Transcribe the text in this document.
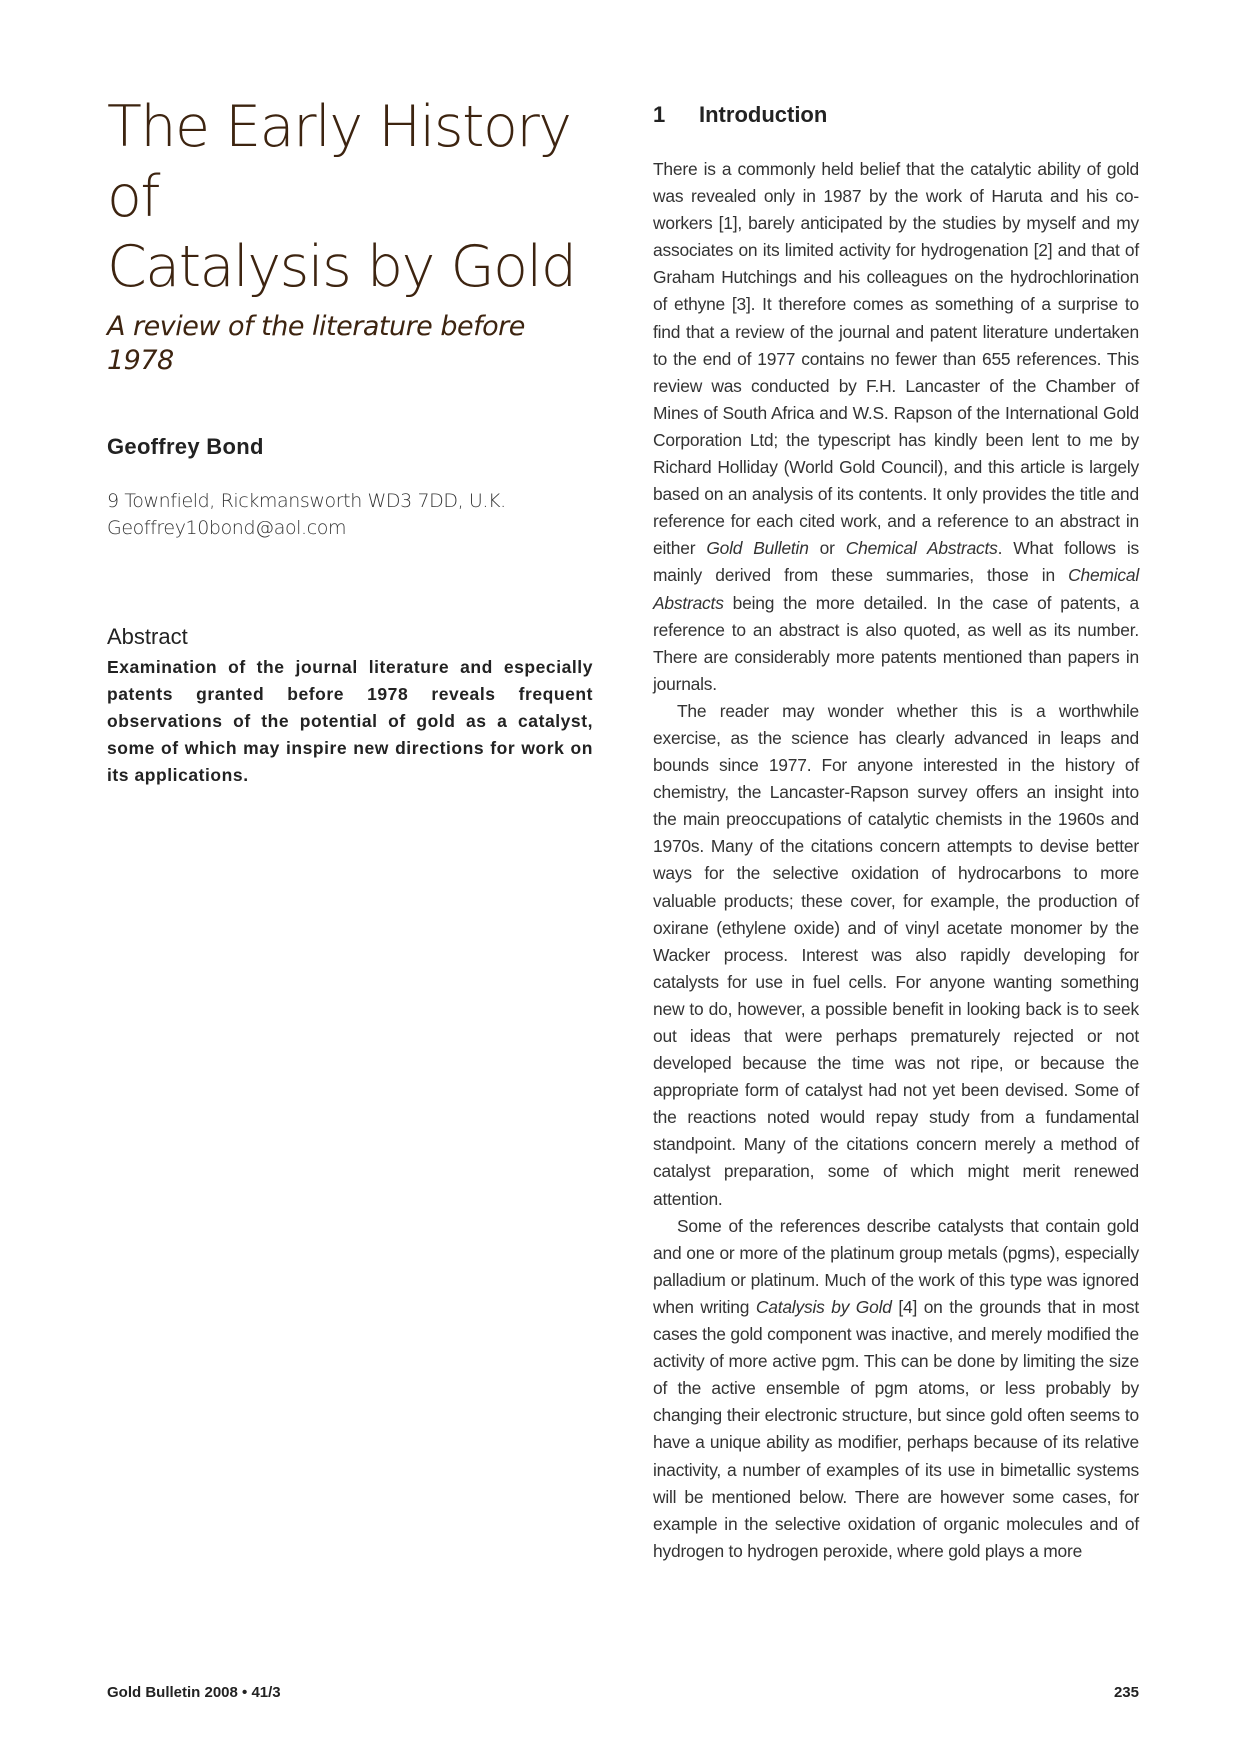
The Early History of
Catalysis by Gold
A review of the literature before 1978
Geoffrey Bond
9 Townfield, Rickmansworth WD3 7DD, U.K.
Geoffrey10bond@aol.com
Abstract
Examination of the journal literature and especially patents granted before 1978 reveals frequent observations of the potential of gold as a catalyst, some of which may inspire new directions for work on its applications.
1	Introduction

There is a commonly held belief that the catalytic ability of gold was revealed only in 1987 by the work of Haruta and his co-workers [1], barely anticipated by the studies by myself and my associates on its limited activity for hydrogenation [2] and that of Graham Hutchings and his colleagues on the hydrochlorination of ethyne [3]. It therefore comes as something of a surprise to find that a review of the journal and patent literature undertaken to the end of 1977 contains no fewer than 655 references. This review was conducted by F.H. Lancaster of the Chamber of Mines of South Africa and W.S. Rapson of the International Gold Corporation Ltd; the typescript has kindly been lent to me by Richard Holliday (World Gold Council), and this article is largely based on an analysis of its contents. It only provides the title and reference for each cited work, and a reference to an abstract in either Gold Bulletin or Chemical Abstracts. What follows is mainly derived from these summaries, those in Chemical Abstracts being the more detailed. In the case of patents, a reference to an abstract is also quoted, as well as its number. There are considerably more patents mentioned than papers in journals.

The reader may wonder whether this is a worthwhile exercise, as the science has clearly advanced in leaps and bounds since 1977. For anyone interested in the history of chemistry, the Lancaster-Rapson survey offers an insight into the main preoccupations of catalytic chemists in the 1960s and 1970s. Many of the citations concern attempts to devise better ways for the selective oxidation of hydrocarbons to more valuable products; these cover, for example, the production of oxirane (ethylene oxide) and of vinyl acetate monomer by the Wacker process. Interest was also rapidly developing for catalysts for use in fuel cells. For anyone wanting something new to do, however, a possible benefit in looking back is to seek out ideas that were perhaps prematurely rejected or not developed because the time was not ripe, or because the appropriate form of catalyst had not yet been devised. Some of the reactions noted would repay study from a fundamental standpoint. Many of the citations concern merely a method of catalyst preparation, some of which might merit renewed attention.

Some of the references describe catalysts that contain gold and one or more of the platinum group metals (pgms), especially palladium or platinum. Much of the work of this type was ignored when writing Catalysis by Gold [4] on the grounds that in most cases the gold component was inactive, and merely modified the activity of more active pgm. This can be done by limiting the size of the active ensemble of pgm atoms, or less probably by changing their electronic structure, but since gold often seems to have a unique ability as modifier, perhaps because of its relative inactivity, a number of examples of its use in bimetallic systems will be mentioned below. There are however some cases, for example in the selective oxidation of organic molecules and of hydrogen to hydrogen peroxide, where gold plays a more

Gold Bulletin 2008 • 41/3	235
